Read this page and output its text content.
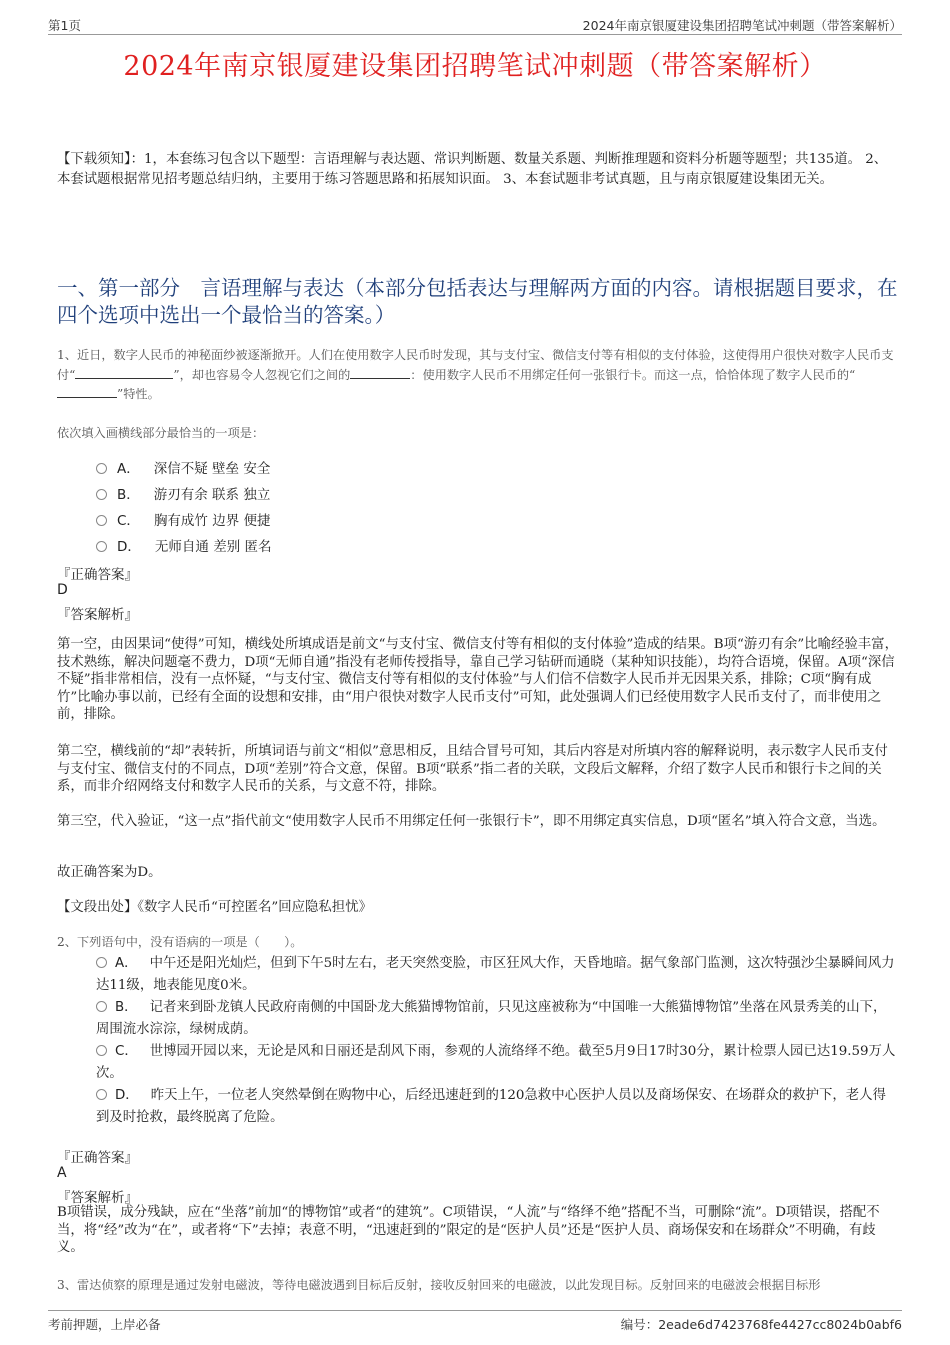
第1页	2024年南京银厦建设集团招聘笔试冲刺题（带答案解析）
2024年南京银厦建设集团招聘笔试冲刺题（带答案解析）
【下载须知】：1，本套练习包含以下题型：言语理解与表达题、常识判断题、数量关系题、判断推理题和资料分析题等题型；共135道。 2、本套试题根据常见招考题总结归纳，主要用于练习答题思路和拓展知识面。 3、本套试题非考试真题，且与南京银厦建设集团无关。
一、第一部分　言语理解与表达（本部分包括表达与理解两方面的内容。请根据题目要求，在四个选项中选出一个最恰当的答案。）
1、近日，数字人民币的神秘面纱被逐渐掀开。人们在使用数字人民币时发现，其与支付宝、微信支付等有相似的支付体验，这使得用户很快对数字人民币支付“	”，却也容易令人忽视它们之间的	：使用数字人民币不用绑定任何一张银行卡。而这一点，恰恰体现了数字人民币的“”特性。
依次填入画横线部分最恰当的一项是：
A． 深信不疑 壁垒 安全
B． 游刃有余 联系 独立
C． 胸有成竹 边界 便捷
D． 无师自通 差别 匿名
『正确答案』
D
『答案解析』
第一空，由因果词“使得”可知，横线处所填成语是前文“与支付宝、微信支付等有相似的支付体验”造成的结果。B项“游刃有余”比喻经验丰富，技术熟练，解决问题毫不费力，D项“无师自通”指没有老师传授指导，靠自己学习钻研而通晓（某种知识技能），均符合语境，保留。A项“深信不疑”指非常相信，没有一点怀疑，“与支付宝、微信支付等有相似的支付体验”与人们信不信数字人民币并无因果关系，排除；C项“胸有成竹”比喻办事以前，已经有全面的设想和安排，由“用户很快对数字人民币支付”可知，此处强调人们已经使用数字人民币支付了，而非使用之前，排除。
第二空，横线前的“却”表转折，所填词语与前文“相似”意思相反，且结合冒号可知，其后内容是对所填内容的解释说明，表示数字人民币支付与支付宝、微信支付的不同点，D项“差别”符合文意，保留。B项“联系”指二者的关联，文段后文解释，介绍了数字人民币和银行卡之间的关系，而非介绍网络支付和数字人民币的关系，与文意不符，排除。
第三空，代入验证，“这一点”指代前文“使用数字人民币不用绑定任何一张银行卡”，即不用绑定真实信息，D项“匿名”填入符合文意，当选。
故正确答案为D。
【文段出处】《数字人民币“可控匿名”回应隐私担忧》
2、下列语句中，没有语病的一项是（　　）。
A． 中午还是阳光灿烂，但到下午5时左右，老天突然变脸，市区狂风大作，天昏地暗。据气象部门监测，这次特强沙尘暴瞬间风力达11级，地表能见度0米。
B． 记者来到卧龙镇人民政府南侧的中国卧龙大熊猫博物馆前，只见这座被称为“中国唯一大熊猫博物馆”坐落在风景秀美的山下，周围流水淙淙，绿树成荫。
C． 世博园开园以来，无论是风和日丽还是刮风下雨，参观的人流络绎不绝。截至5月9日17时30分，累计检票人园已达19.59万人次。
D． 昨天上午，一位老人突然晕倒在购物中心，后经迅速赶到的120急救中心医护人员以及商场保安、在场群众的救护下，老人得到及时抢救，最终脱离了危险。
『正确答案』
A
『答案解析』
B项错误，成分残缺，应在“坐落”前加“的博物馆”或者“的建筑”。C项错误，“人流”与“络绎不绝”搭配不当，可删除“流”。D项错误，搭配不当，将“经”改为“在”，或者将“下”去掉；表意不明，“迅速赶到的”限定的是“医护人员”还是“医护人员、商场保安和在场群众”不明确，有歧义。
3、雷达侦察的原理是通过发射电磁波，等待电磁波遇到目标后反射，接收反射回来的电磁波，以此发现目标。反射回来的电磁波会根据目标形
考前押题，上岸必备	编号：2eade6d7423768fe4427cc8024b0abf6
